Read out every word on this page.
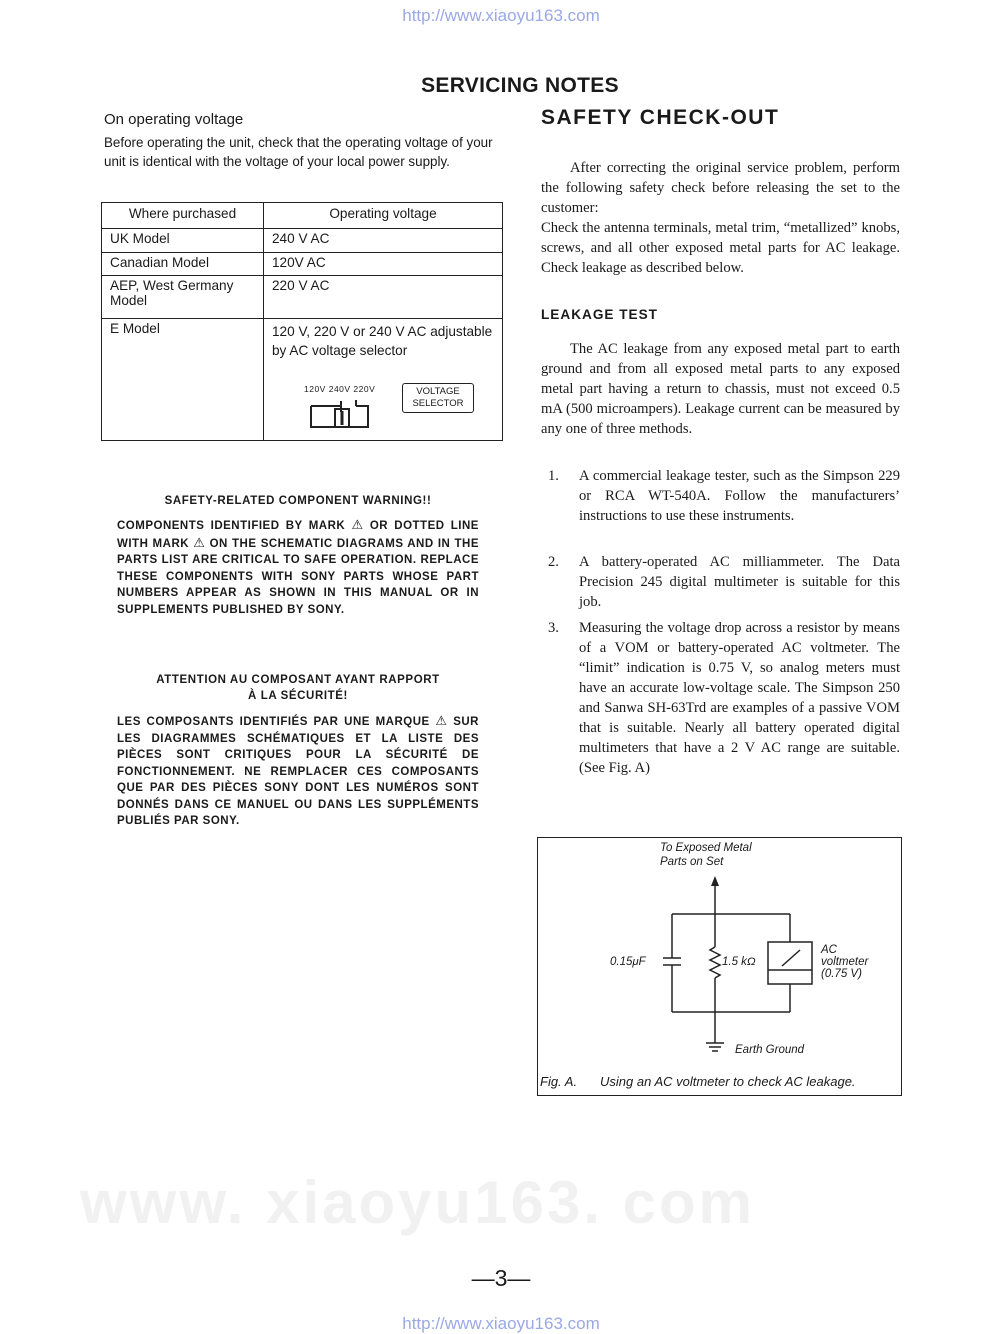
www. xiaoyu163. com
http://www.xiaoyu163.com
SERVICING NOTES
On operating voltage
Before operating the unit, check that the operating voltage of your unit is identical with the voltage of your local power supply.
Where purchased	Operating voltage
UK Model	240 V AC
Canadian Model	120V AC
AEP, West Germany Model	220 V AC
E Model	120 V, 220 V or 240 V AC adjustable by AC voltage selector
120V 240V 220V	VOLTAGE
SELECTOR
SAFETY-RELATED COMPONENT WARNING!!
COMPONENTS IDENTIFIED BY MARK ⚠ OR DOTTED LINE WITH MARK ⚠ ON THE SCHEMATIC DIAGRAMS AND IN THE PARTS LIST ARE CRITICAL TO SAFE OPERATION. REPLACE THESE COMPONENTS WITH SONY PARTS WHOSE PART NUMBERS APPEAR AS SHOWN IN THIS MANUAL OR IN SUPPLEMENTS PUBLISHED BY SONY.
ATTENTION AU COMPOSANT AYANT RAPPORT
À LA SÉCURITÉ!
LES COMPOSANTS IDENTIFIÉS PAR UNE MARQUE ⚠ SUR LES DIAGRAMMES SCHÉMATIQUES ET LA LISTE DES PIÈCES SONT CRITIQUES POUR LA SÉCURITÉ DE FONCTIONNEMENT. NE REMPLACER CES COMPOSANTS QUE PAR DES PIÈCES SONY DONT LES NUMÉROS SONT DONNÉS DANS CE MANUEL OU DANS LES SUPPLÉMENTS PUBLIÉS PAR SONY.
SAFETY CHECK-OUT
After correcting the original service problem, perform the following safety check before releasing the set to the customer:
Check the antenna terminals, metal trim, “metallized” knobs, screws, and all other exposed metal parts for AC leakage. Check leakage as described below.
LEAKAGE TEST
The AC leakage from any exposed metal part to earth ground and from all exposed metal parts to any exposed metal part having a return to chassis, must not exceed 0.5 mA (500 microampers). Leakage current can be measured by any one of three methods.
1. A commercial leakage tester, such as the Simpson 229 or RCA WT-540A. Follow the manufacturers’ instructions to use these instruments.
2. A battery-operated AC milliammeter. The Data Precision 245 digital multimeter is suitable for this job.
3. Measuring the voltage drop across a resistor by means of a VOM or battery-operated AC voltmeter. The “limit” indication is 0.75 V, so analog meters must have an accurate low-voltage scale. The Simpson 250 and Sanwa SH-63Trd are examples of a passive VOM that is suitable. Nearly all battery operated digital multimeters that have a 2 V AC range are suitable. (See Fig. A)
To Exposed Metal
Parts on Set
0.15μF	1.5 kΩ
AC
voltmeter
(0.75 V)
Earth Ground
Fig. A. Using an AC voltmeter to check AC leakage.
—3—
http://www.xiaoyu163.com
